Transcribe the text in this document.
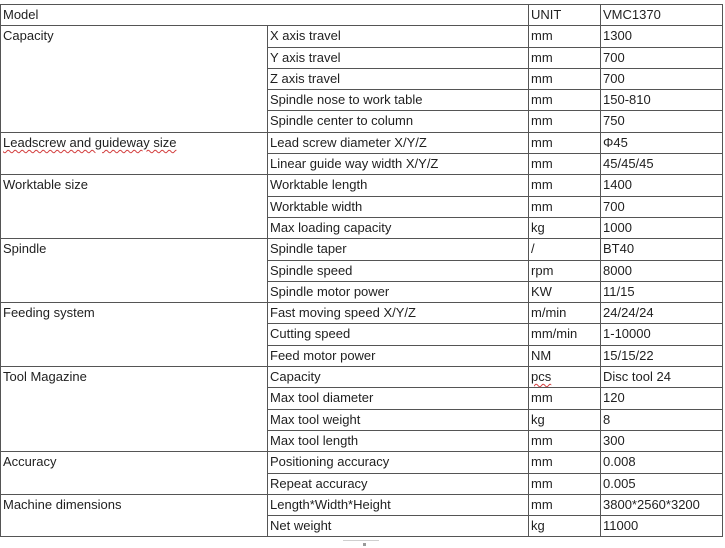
Model		UNIT	VMC1370
Capacity	X axis travel	mm	1300
	Y axis travel	mm	700
	Z axis travel	mm	700
	Spindle nose to work table	mm	150-810
	Spindle center to column	mm	750
Leadscrew and guideway size	Lead screw diameter X/Y/Z	mm	Φ45
	Linear guide way width X/Y/Z	mm	45/45/45
Worktable size	Worktable length	mm	1400
	Worktable width	mm	700
	Max loading capacity	kg	1000
Spindle	Spindle taper	/	BT40
	Spindle speed	rpm	8000
	Spindle motor power	KW	11/15
Feeding system	Fast moving speed X/Y/Z	m/min	24/24/24
	Cutting speed	mm/min	1-10000
	Feed motor power	NM	15/15/22
Tool Magazine	Capacity	pcs	Disc tool 24
	Max tool diameter	mm	120
	Max tool weight	kg	8
	Max tool length	mm	300
Accuracy	Positioning accuracy	mm	0.008
	Repeat accuracy	mm	0.005
Machine dimensions	Length*Width*Height	mm	3800*2560*3200
	Net weight	kg	11000
